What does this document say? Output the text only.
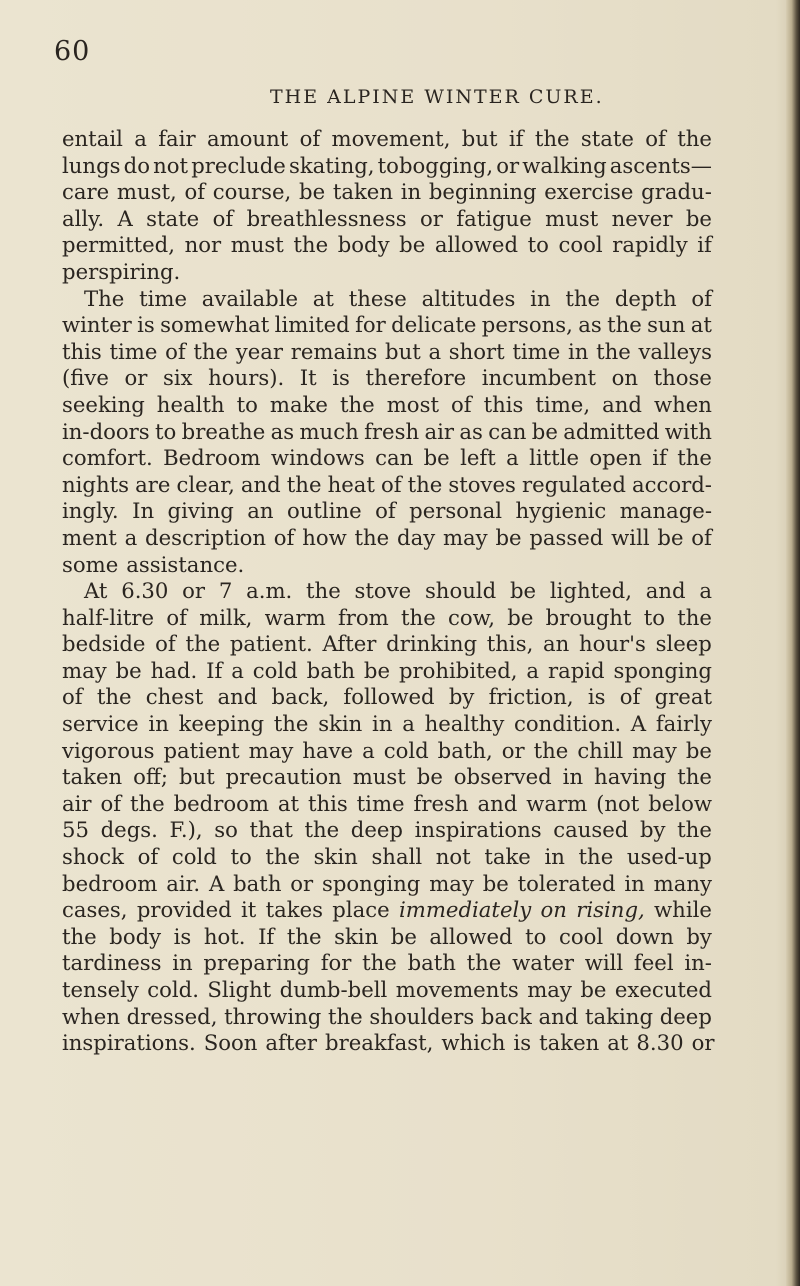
60
THE ALPINE WINTER CURE.
entail a fair amount of movement, but if the state of the
lungs do not preclude skating, tobogging, or walking ascents—
care must, of course, be taken in beginning exercise gradu-
ally. A state of breathlessness or fatigue must never be
permitted, nor must the body be allowed to cool rapidly if
perspiring.
The time available at these altitudes in the depth of
winter is somewhat limited for delicate persons, as the sun at
this time of the year remains but a short time in the valleys
(five or six hours). It is therefore incumbent on those
seeking health to make the most of this time, and when
in-doors to breathe as much fresh air as can be admitted with
comfort. Bedroom windows can be left a little open if the
nights are clear, and the heat of the stoves regulated accord-
ingly. In giving an outline of personal hygienic manage-
ment a description of how the day may be passed will be of
some assistance.
At 6.30 or 7 a.m. the stove should be lighted, and a
half-litre of milk, warm from the cow, be brought to the
bedside of the patient. After drinking this, an hour's sleep
may be had. If a cold bath be prohibited, a rapid sponging
of the chest and back, followed by friction, is of great
service in keeping the skin in a healthy condition. A fairly
vigorous patient may have a cold bath, or the chill may be
taken off; but precaution must be observed in having the
air of the bedroom at this time fresh and warm (not below
55 degs. F.), so that the deep inspirations caused by the
shock of cold to the skin shall not take in the used-up
bedroom air. A bath or sponging may be tolerated in many
cases, provided it takes place immediately on rising, while
the body is hot. If the skin be allowed to cool down by
tardiness in preparing for the bath the water will feel in-
tensely cold. Slight dumb-bell movements may be executed
when dressed, throwing the shoulders back and taking deep
inspirations. Soon after breakfast, which is taken at 8.30 or
